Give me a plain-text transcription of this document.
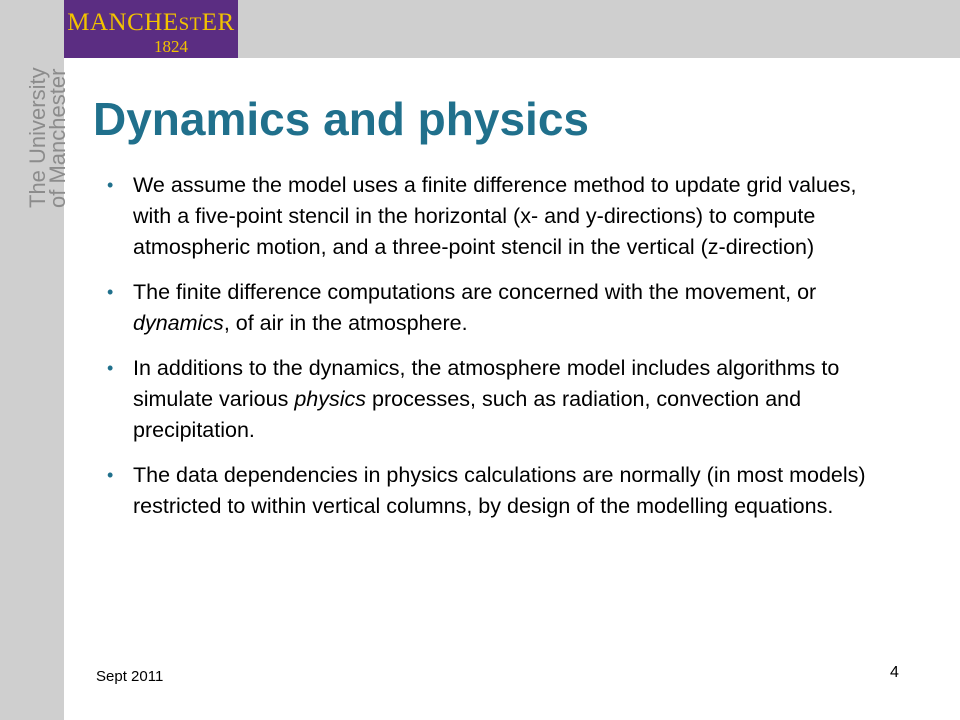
MANCHESTER
1824
The University
of Manchester Dynamics and physics
• We assume the model uses a finite difference method to update grid values, with a five-point stencil in the horizontal (x- and y-directions) to compute atmospheric motion, and a three-point stencil in the vertical (z-direction)
• The finite difference computations are concerned with the movement, or dynamics, of air in the atmosphere.
• In additions to the dynamics, the atmosphere model includes algorithms to simulate various physics processes, such as radiation, convection and precipitation.
• The data dependencies in physics calculations are normally (in most models) restricted to within vertical columns, by design of the modelling equations.
Sept 2011	4
